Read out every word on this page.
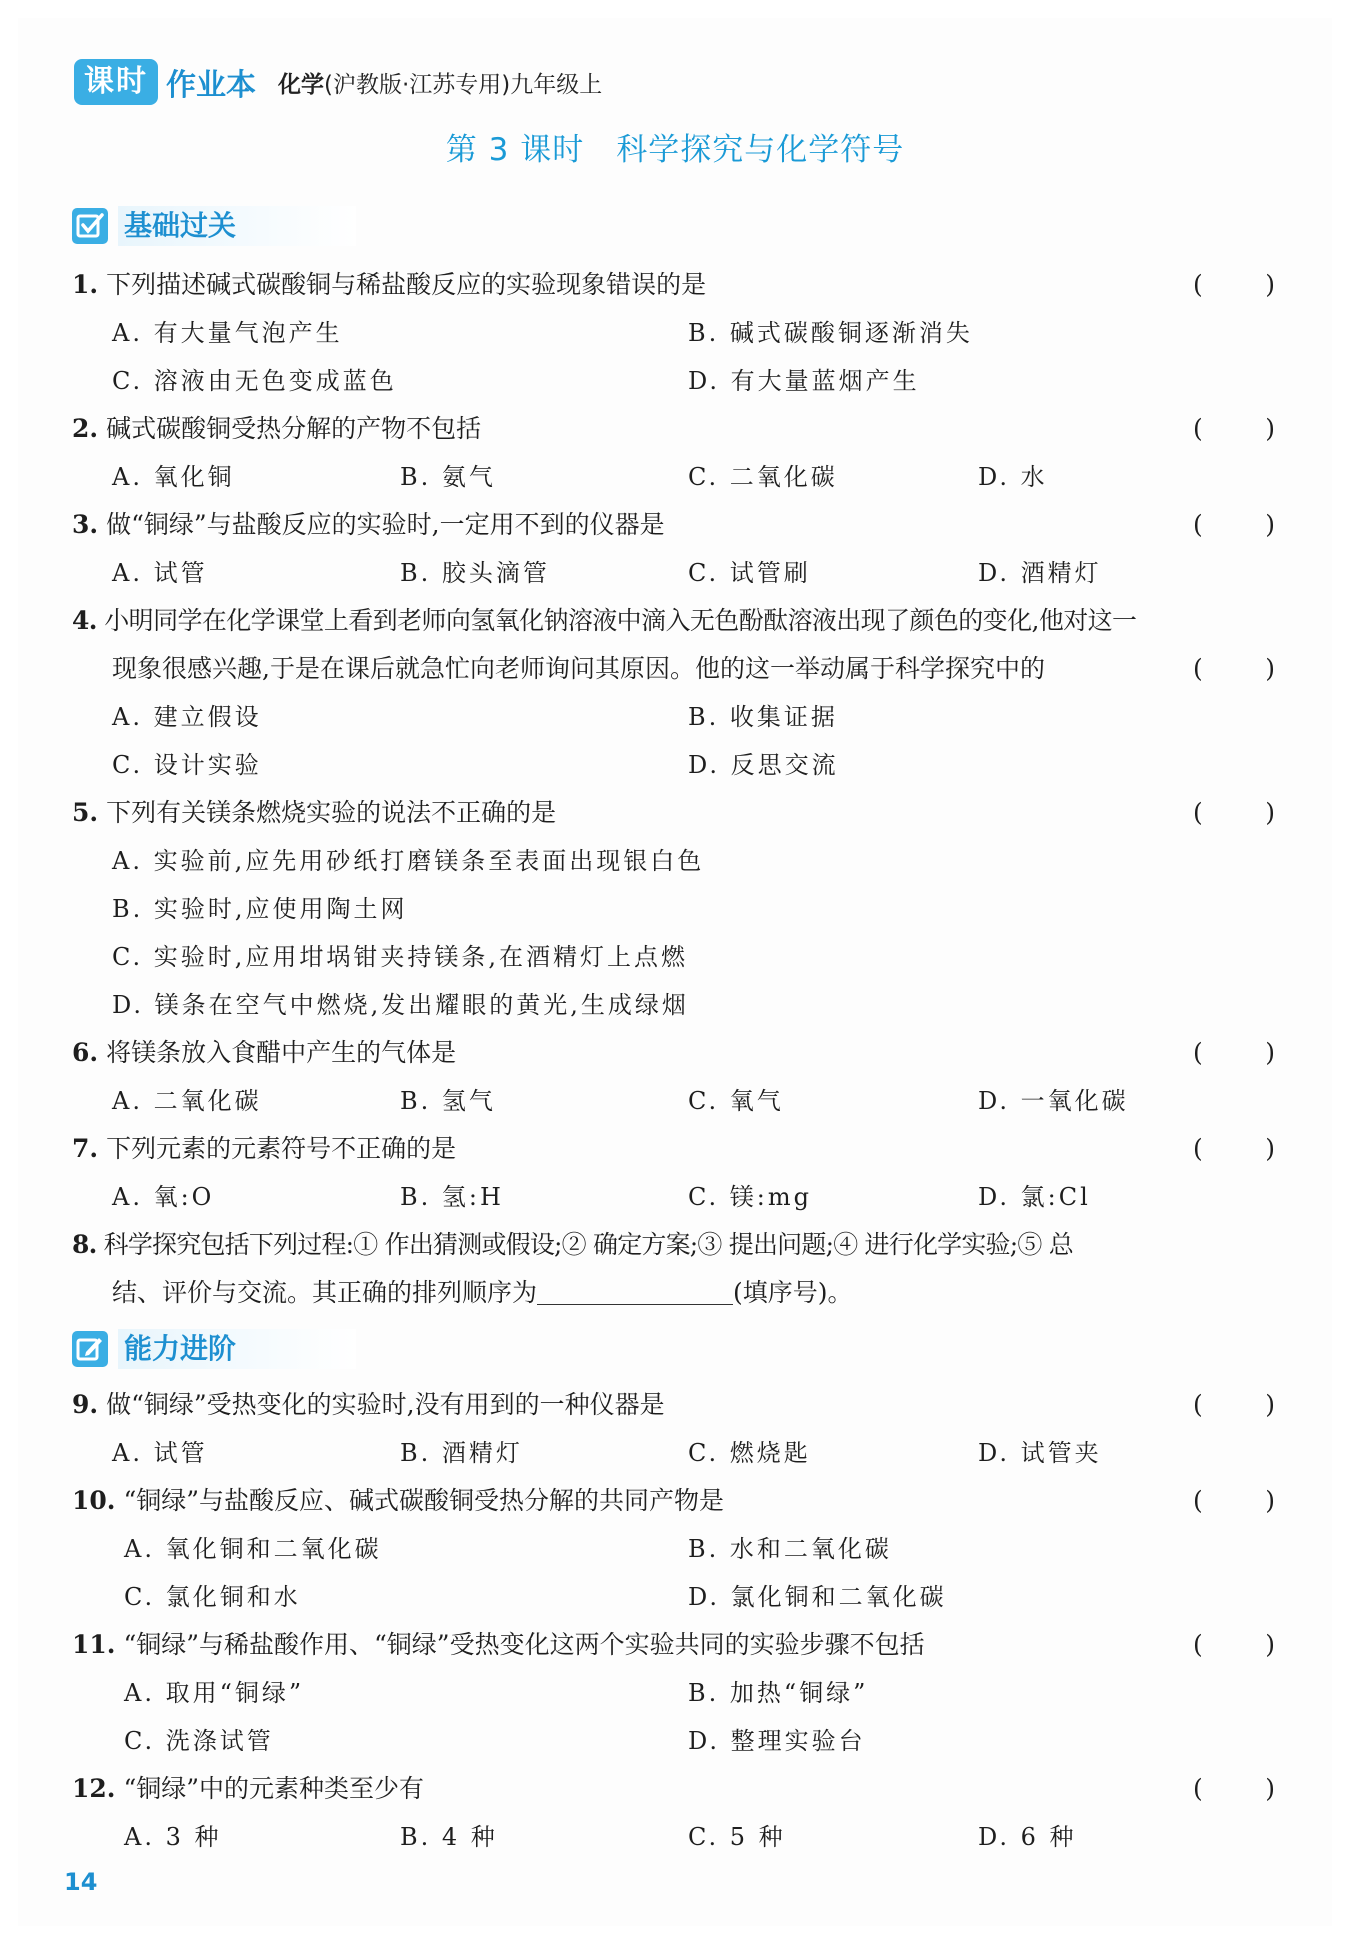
课时 作业本 化学(沪教版·江苏专用)九年级上
第 3 课时 科学探究与化学符号
基础过关
1. 下列描述碱式碳酸铜与稀盐酸反应的实验现象错误的是	( )
A. 有大量气泡产生	B. 碱式碳酸铜逐渐消失
C. 溶液由无色变成蓝色	D. 有大量蓝烟产生
2. 碱式碳酸铜受热分解的产物不包括	( )
A. 氧化铜	B. 氨气	C. 二氧化碳	D. 水
3. 做“铜绿”与盐酸反应的实验时,一定用不到的仪器是	( )
A. 试管	B. 胶头滴管	C. 试管刷	D. 酒精灯
4. 小明同学在化学课堂上看到老师向氢氧化钠溶液中滴入无色酚酞溶液出现了颜色的变化,他对这一
现象很感兴趣,于是在课后就急忙向老师询问其原因。他的这一举动属于科学探究中的	( )
A. 建立假设	B. 收集证据
C. 设计实验	D. 反思交流
5. 下列有关镁条燃烧实验的说法不正确的是	( )
A. 实验前,应先用砂纸打磨镁条至表面出现银白色
B. 实验时,应使用陶土网
C. 实验时,应用坩埚钳夹持镁条,在酒精灯上点燃
D. 镁条在空气中燃烧,发出耀眼的黄光,生成绿烟
6. 将镁条放入食醋中产生的气体是	( )
A. 二氧化碳	B. 氢气	C. 氧气	D. 一氧化碳
7. 下列元素的元素符号不正确的是	( )
A. 氧:O	B. 氢:H	C. 镁:mg	D. 氯:Cl
8. 科学探究包括下列过程:① 作出猜测或假设;② 确定方案;③ 提出问题;④ 进行化学实验;⑤ 总
结、评价与交流。其正确的排列顺序为	(填序号)。
能力进阶
9. 做“铜绿”受热变化的实验时,没有用到的一种仪器是	( )
A. 试管	B. 酒精灯	C. 燃烧匙	D. 试管夹
10. “铜绿”与盐酸反应、碱式碳酸铜受热分解的共同产物是	( )
A. 氧化铜和二氧化碳	B. 水和二氧化碳
C. 氯化铜和水	D. 氯化铜和二氧化碳
11. “铜绿”与稀盐酸作用、“铜绿”受热变化这两个实验共同的实验步骤不包括	( )
A. 取用“铜绿”	B. 加热“铜绿”
C. 洗涤试管	D. 整理实验台
12. “铜绿”中的元素种类至少有	( )
A. 3 种	B. 4 种	C. 5 种	D. 6 种
14
